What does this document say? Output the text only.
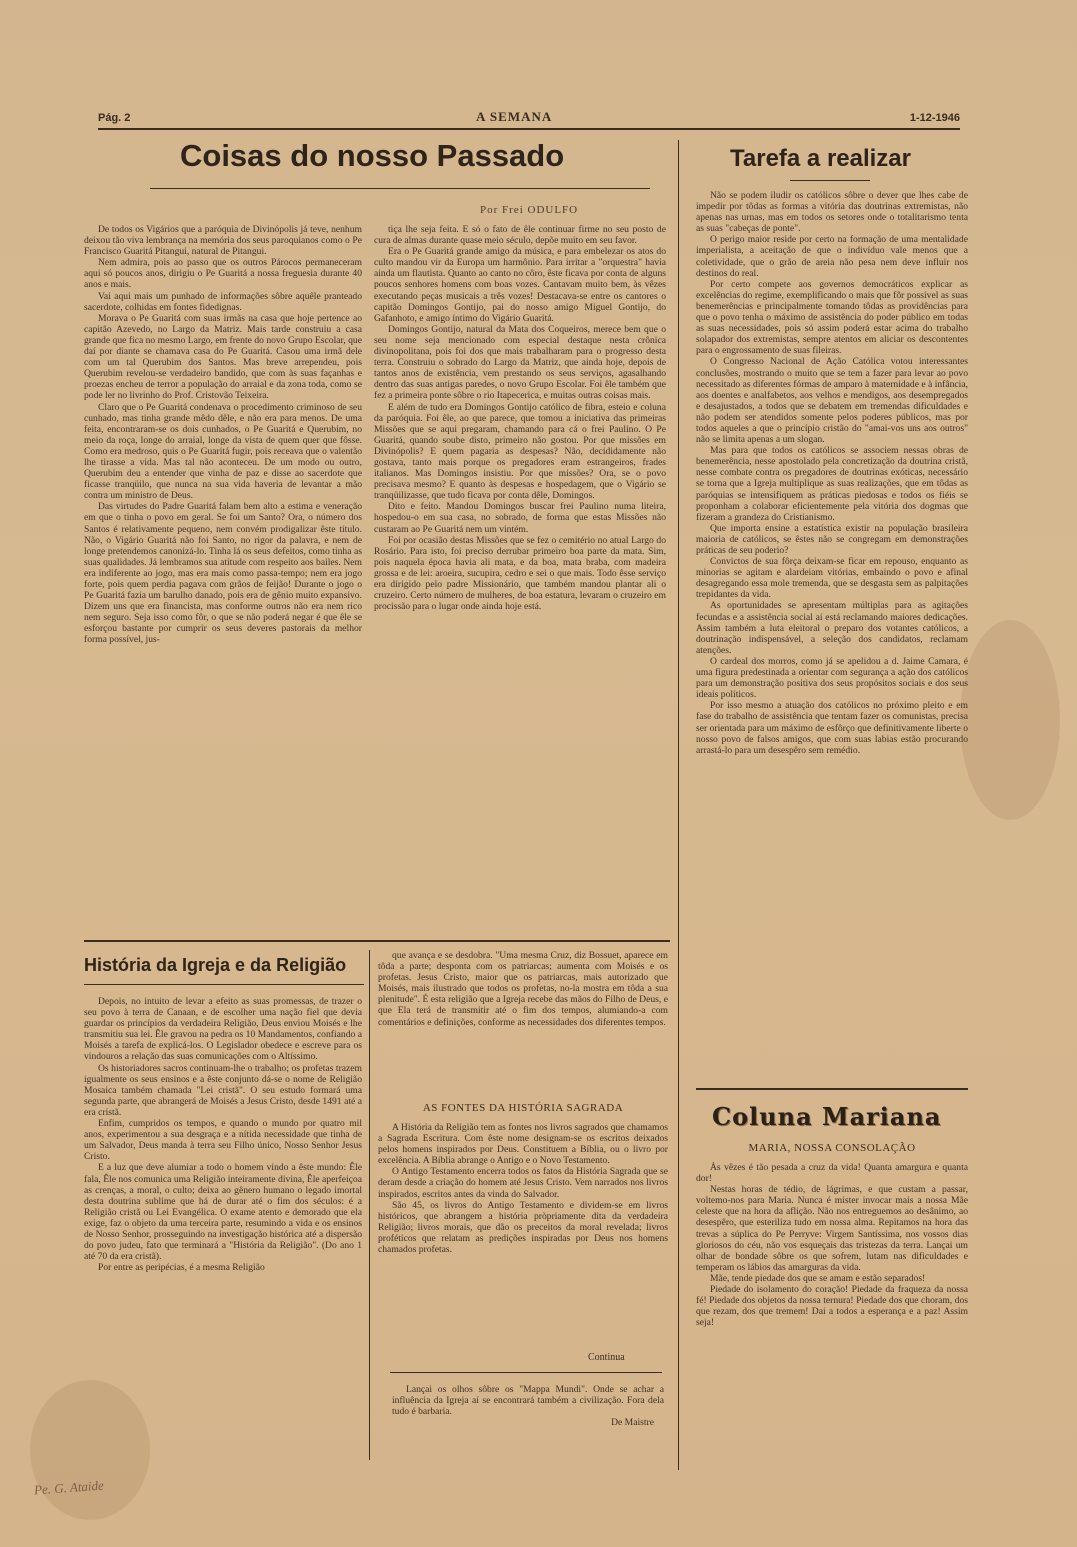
Pág. 2	A SEMANA	1-12-1946
Coisas do nosso Passado
Por Frei ODULFO

De todos os Vigários que a paróquia de Divinópolis já teve, nenhum deixou tão viva lembrança na memória dos seus paroquianos como o Pe Francisco Guaritá Pitangui, natural de Pitangui.

Nem admira, pois ao passo que os outros Párocos permaneceram aqui só poucos anos, dirigiu o Pe Guaritá a nossa freguesia durante 40 anos e mais.

Vai aqui mais um punhado de informações sôbre aquêle pranteado sacerdote, colhidas em fontes fidedignas.

Morava o Pe Guaritá com suas irmãs na casa que hoje pertence ao capitão Azevedo, no Largo da Matriz. Mais tarde construiu a casa grande que fica no mesmo Largo, em frente do novo Grupo Escolar, que daí por diante se chamava casa do Pe Guaritá. Casou uma irmã dele com um tal Querubim dos Santos. Mas breve arrependeu, pois Querubim revelou-se verdadeiro bandido, que com às suas façanhas e proezas encheu de terror a população do arraial e da zona toda, como se pode ler no livrinho do Prof. Cristovão Teixeira.

Claro que o Pe Guaritá condenava o procedimento criminoso de seu cunhado, mas tinha grande mêdo dêle, e não era para menos. De uma feita, encontraram-se os dois cunhados, o Pe Guaritá e Querubim, no meio da roça, longe do arraial, longe da vista de quem quer que fôsse. Como era medroso, quis o Pe Guaritá fugir, pois receava que o valentão lhe tirasse a vida. Mas tal não aconteceu. De um modo ou outro, Querubim deu a entender que vinha de paz e disse ao sacerdote que ficasse tranqüilo, que nunca na sua vida haveria de levantar a mão contra um ministro de Deus.

Das virtudes do Padre Guaritá falam bem alto a estima e veneração em que o tinha o povo em geral. Se foi um Santo? Ora, o número dos Santos é relativamente pequeno, nem convém prodigalizar êste título. Não, o Vigário Guaritá não foi Santo, no rigor da palavra, e nem de longe pretendemos canonizá-lo. Tinha lá os seus defeitos, como tinha as suas qualidades. Já lembramos sua atitude com respeito aos bailes. Nem era indiferente ao jogo, mas era mais como passa-tempo; nem era jogo forte, pois quem perdia pagava com grãos de feijão! Durante o jogo o Pe Guaritá fazia um barulho danado, pois era de gênio muito expansivo. Dizem uns que era financista, mas conforme outros não era nem rico nem seguro. Seja isso como fôr, o que se não poderá negar é que êle se esforçou bastante por cumprir os seus deveres pastorais da melhor forma possível, jus-

tiça lhe seja feita. E só o fato de êle continuar firme no seu posto de cura de almas durante quase meio século, depõe muito em seu favor.

Era o Pe Guaritá grande amigo da música, e para embelezar os atos do culto mandou vir da Europa um harmônio. Para irritar a "orquestra" havia ainda um flautista. Quanto ao canto no côro, êste ficava por conta de alguns poucos senhores homens com boas vozes. Cantavam muito bem, às vêzes executando peças musicais a três vozes! Destacava-se entre os cantores o capitão Domingos Gontijo, pai do nosso amigo Miguel Gontijo, do Gafanhoto, e amigo íntimo do Vigário Guaritá.

Domingos Gontijo, natural da Mata dos Coqueiros, merece bem que o seu nome seja mencionado com especial destaque nesta crônica divinopolitana, pois foi dos que mais trabalharam para o progresso desta terra. Construiu o sobrado do Largo da Matriz, que ainda hoje, depois de tantos anos de existência, vem prestando os seus serviços, agasalhando dentro das suas antigas paredes, o novo Grupo Escolar. Foi êle também que fez a primeira ponte sôbre o rio Itapecerica, e muitas outras coisas mais.

E além de tudo era Domingos Gontijo católico de fibra, esteio e coluna da paróquia. Foi êle, ao que parece, que tomou a iniciativa das primeiras Missões que se aqui pregaram, chamando para cá o frei Paulino. O Pe Guaritá, quando soube disto, primeiro não gostou. Por que missões em Divinópolis? E quem pagaria as despesas? Não, decididamente não gostava, tanto mais porque os pregadores eram estrangeiros, frades italianos. Mas Domingos insistiu. Por que missões? Ora, se o povo precisava mesmo? E quanto às despesas e hospedagem, que o Vigário se tranqüilizasse, que tudo ficava por conta dêle, Domingos.

Dito e feito. Mandou Domingos buscar frei Paulino numa liteira, hospedou-o em sua casa, no sobrado, de forma que estas Missões não custaram ao Pe Guaritá nem um vintém.

Foi por ocasião destas Missões que se fez o cemitério no atual Largo do Rosário. Para isto, foi preciso derrubar primeiro boa parte da mata. Sim, pois naquela época havia ali mata, e da boa, mata braba, com madeira grossa e de lei: aroeira, sucupira, cedro e sei o que mais. Todo êsse serviço era dirigido pelo padre Missionário, que também mandou plantar ali o cruzeiro. Certo número de mulheres, de boa estatura, levaram o cruzeiro em procissão para o lugar onde ainda hoje está.

Tarefa a realizar

Não se podem iludir os católicos sôbre o dever que lhes cabe de impedir por tôdas as formas a vitória das doutrinas extremistas, não apenas nas urnas, mas em todos os setores onde o totalitarismo tenta as suas "cabeças de ponte".

O perigo maior reside por certo na formação de uma mentalidade imperialista, a aceitação de que o indivíduo vale menos que a coletividade, que o grão de areia não pesa nem deve influir nos destinos do real.

Por certo compete aos governos democráticos explicar as excelências do regime, exemplificando o mais que fôr possível as suas benemerências e principalmente tomando tôdas as providências para que o povo tenha o máximo de assistência do poder público em todas as suas necessidades, pois só assim poderá estar acima do trabalho solapador dos extremistas, sempre atentos em aliciar os descontentes para o engrossamento de suas fileiras.

O Congresso Nacional de Ação Católica votou interessantes conclusões, mostrando o muito que se tem a fazer para levar ao povo necessitado as diferentes fórmas de amparo à maternidade e à infância, aos doentes e analfabetos, aos velhos e mendigos, aos desempregados e desajustados, a todos que se debatem em tremendas dificuldades e não podem ser atendidos somente pelos poderes públicos, mas por todos aqueles a que o princípio cristão do "amai-vos uns aos outros" não se limita apenas a um slogan.

Mas para que todos os católicos se associem nessas obras de benemerência, nesse apostolado pela concretização da doutrina cristã, nesse combate contra os pregadores de doutrinas exóticas, necessário se torna que a Igreja multiplique as suas realizações, que em tôdas as paróquias se intensifiquem as práticas piedosas e todos os fiéis se proponham a colaborar eficientemente pela vitória dos dogmas que fizeram a grandeza do Cristianismo.

Que importa ensine a estatística existir na população brasileira maioria de católicos, se êstes não se congregam em demonstrações práticas de seu poderio?

Convictos de sua fôrça deixam-se ficar em repouso, enquanto as minorias se agitam e alardeiam vitórias, embaindo o povo e afinal desagregando essa mole tremenda, que se desgasta sem as palpitações trepidantes da vida.

As oportunidades se apresentam múltiplas para as agitações fecundas e a assistência social aí está reclamando maiores dedicações. Assim também a luta eleitoral o preparo dos votantes católicos, a doutrinação indispensável, a seleção dos candidatos, reclamam atenções.

O cardeal dos morros, como já se apelidou a d. Jaime Camara, é uma figura predestinada a orientar com segurança a ação dos católicos para um demonstração positiva dos seus propósitos sociais e dos seus ideais políticos.

Por isso mesmo a atuação dos católicos no próximo pleito e em fase do trabalho de assistência que tentam fazer os comunistas, precisa ser orientada para um máximo de esfôrço que definitivamente liberte o nosso povo de falsos amigos, que com suas labias estão procurando arrastá-lo para um desespêro sem remédio.

História da Igreja e da Religião

Depois, no intuito de levar a efeito as suas promessas, de trazer o seu povo à terra de Canaan, e de escolher uma nação fiel que devia guardar os princípios da verdadeira Religião, Deus enviou Moisés e lhe transmitiu sua lei. Êle gravou na pedra os 10 Mandamentos, confiando a Moisés a tarefa de explicá-los. O Legislador obedece e escreve para os vindouros a relação das suas comunicações com o Altíssimo.

Os historiadores sacros continuam-lhe o trabalho; os profetas trazem igualmente os seus ensinos e a êste conjunto dá-se o nome de Religião Mosaica também chamada "Lei cristã". O seu estudo formará uma segunda parte, que abrangerá de Moisés a Jesus Cristo, desde 1491 até a era cristã.

Enfim, cumpridos os tempos, e quando o mundo por quatro mil anos, experimentou a sua desgraça e a nítida necessidade que tinha de um Salvador, Deus manda à terra seu Filho único, Nosso Senhor Jesus Cristo.

E a luz que deve alumiar a todo o homem vindo a êste mundo: Êle fala, Êle nos comunica uma Religião inteiramente divina, Êle aperfeiçoa as crenças, a moral, o culto; deixa ao gênero humano o legado imortal desta doutrina sublime que há de durar até o fim dos séculos: é a Religião cristã ou Lei Evangélica. O exame atento e demorado que ela exige, faz o objeto da uma terceira parte, resumindo a vida e os ensinos de Nosso Senhor, prosseguindo na investigação histórica até a dispersão do povo judeu, fato que terminará a "História da Religião". (Do ano 1 até 70 da era cristã).

Por entre as peripécias, é a mesma Religião

que avança e se desdobra. "Uma mesma Cruz, diz Bossuet, aparece em tôda a parte; desponta com os patriarcas; aumenta com Moisés e os profetas. Jesus Cristo, maior que os patriarcas, mais autorizado que Moisés, mais ilustrado que todos os profetas, no-la mostra em tôda a sua plenitude". É esta religião que a Igreja recebe das mãos do Filho de Deus, e que Ela terá de transmitir até o fim dos tempos, alumiando-a com comentários e definições, conforme as necessidades dos diferentes tempos.

AS FONTES DA HISTÓRIA SAGRADA

A História da Religião tem as fontes nos livros sagrados que chamamos a Sagrada Escritura. Com êste nome designam-se os escritos deixados pelos homens inspirados por Deus. Constituem a Bíblia, ou o livro por excelência. A Bíblia abrange o Antigo e o Novo Testamento.

O Antigo Testamento encerra todos os fatos da História Sagrada que se deram desde a criação do homem até Jesus Cristo. Vem narrados nos livros inspirados, escritos antes da vinda do Salvador.

São 45, os livros do Antigo Testamento e dividem-se em livros históricos, que abrangem a história pròpriamente dita da verdadeira Religião; livros morais, que dão os preceitos da moral revelada; livros proféticos que relatam as predições inspiradas por Deus nos homens chamados profetas.

Continua

Lançai os olhos sôbre os "Mappa Mundi". Onde se achar a influência da Igreja aí se encontrará também a civilização. Fora dela tudo é barbaria.

De Maistre
Coluna Mariana
MARIA, NOSSA CONSOLAÇÃO

Às vêzes é tão pesada a cruz da vida! Quanta amargura e quanta dor!

Nestas horas de tédio, de lágrimas, e que custam a passar, voltemo-nos para Maria. Nunca é mister invocar mais a nossa Mãe celeste que na hora da aflição. Não nos entreguemos ao desânimo, ao desespêro, que esteriliza tudo em nossa alma. Repitamos na hora das trevas a súplica do Pe Perryve: Virgem Santíssima, nos vossos dias gloriosos do céu, não vos esqueçais das tristezas da terra. Lançai um olhar de bondade sôbre os que sofrem, lutam nas dificuldades e temperam os lábios das amarguras da vida.

Mãe, tende piedade dos que se amam e estão separados!

Piedade do isolamento do coração! Piedade da fraqueza da nossa fé! Piedade dos objetos da nossa ternura! Piedade dos que choram, dos que rezam, dos que tremem! Dai a todos a esperança e a paz! Assim seja!

Pe. G. Ataide
